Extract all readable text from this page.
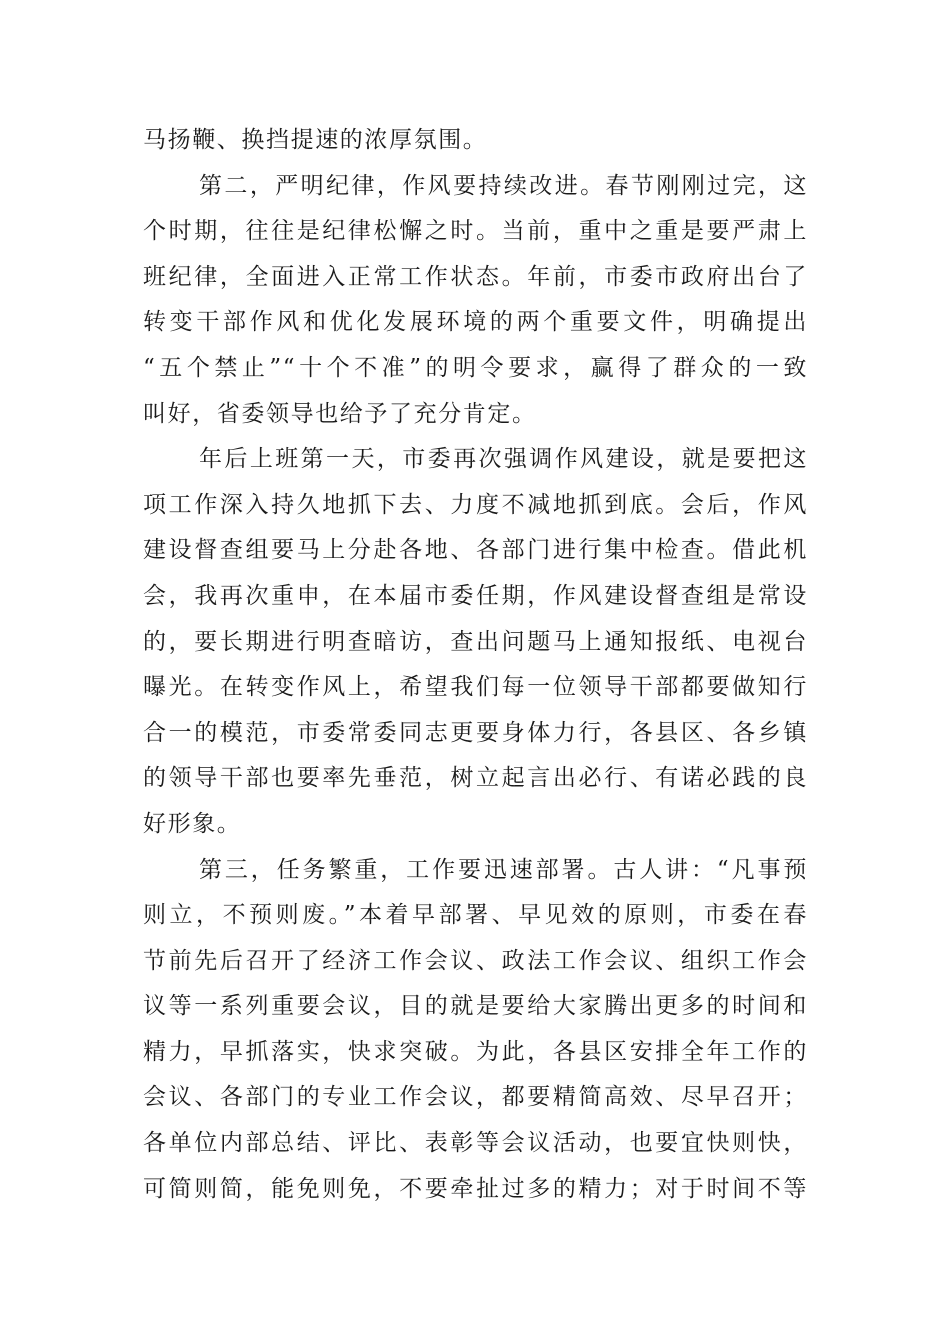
马扬鞭、换挡提速的浓厚氛围。
第二，严明纪律，作风要持续改进。春节刚刚过完，这
个时期，往往是纪律松懈之时。当前，重中之重是要严肃上
班纪律，全面进入正常工作状态。年前，市委市政府出台了
转变干部作风和优化发展环境的两个重要文件，明确提出
“五个禁止”“十个不准”的明令要求，赢得了群众的一致
叫好，省委领导也给予了充分肯定。
年后上班第一天，市委再次强调作风建设，就是要把这
项工作深入持久地抓下去、力度不减地抓到底。会后，作风
建设督查组要马上分赴各地、各部门进行集中检查。借此机
会，我再次重申，在本届市委任期，作风建设督查组是常设
的，要长期进行明查暗访，查出问题马上通知报纸、电视台
曝光。在转变作风上，希望我们每一位领导干部都要做知行
合一的模范，市委常委同志更要身体力行，各县区、各乡镇
的领导干部也要率先垂范，树立起言出必行、有诺必践的良
好形象。
第三，任务繁重，工作要迅速部署。古人讲：“凡事预
则立，不预则废。”本着早部署、早见效的原则，市委在春
节前先后召开了经济工作会议、政法工作会议、组织工作会
议等一系列重要会议，目的就是要给大家腾出更多的时间和
精力，早抓落实，快求突破。为此，各县区安排全年工作的
会议、各部门的专业工作会议，都要精简高效、尽早召开；
各单位内部总结、评比、表彰等会议活动，也要宜快则快，
可简则简，能免则免，不要牵扯过多的精力；对于时间不等
